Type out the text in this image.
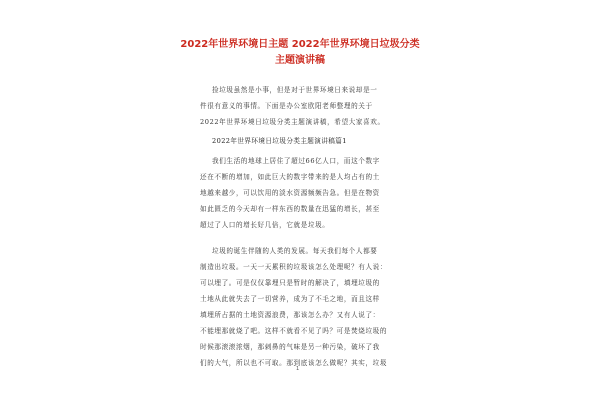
2022年世界环境日主题 2022年世界环境日垃圾分类
主题演讲稿
捡垃圾虽然是小事，但是对于世界环境日来说却是一
件很有意义的事情。下面是办公室欧阳老师整理的关于
2022年世界环境日垃圾分类主题演讲稿，希望大家喜欢。
2022年世界环境日垃圾分类主题演讲稿篇1
我们生活的地球上居住了超过66亿人口，而这个数字
还在不断的增加，如此巨大的数字带来的是人均占有的土
地越来越少，可以饮用的淡水资源频频告急。但是在物资
如此匮乏的今天却有一样东西的数量在迅猛的增长，甚至
超过了人口的增长好几倍，它就是垃圾。
垃圾的诞生伴随的人类的发展。每天我们每个人都要
制造出垃圾。一天一天累积的垃圾该怎么处理呢？有人说：
可以埋了。可是仅仅靠埋只是暂时的解决了，填埋垃圾的
土地从此就失去了一切营养，成为了不毛之地，而且这样
填埋所占据的土地资源浪费，那该怎么办？又有人说了：
不能埋那就烧了吧。这样不就看不见了吗？可是焚烧垃圾的
时候那滚滚浓烟，那刺鼻的气味是另一种污染，破坏了我
们的大气，所以也不可取。那到底该怎么做呢？其实，垃圾
1
